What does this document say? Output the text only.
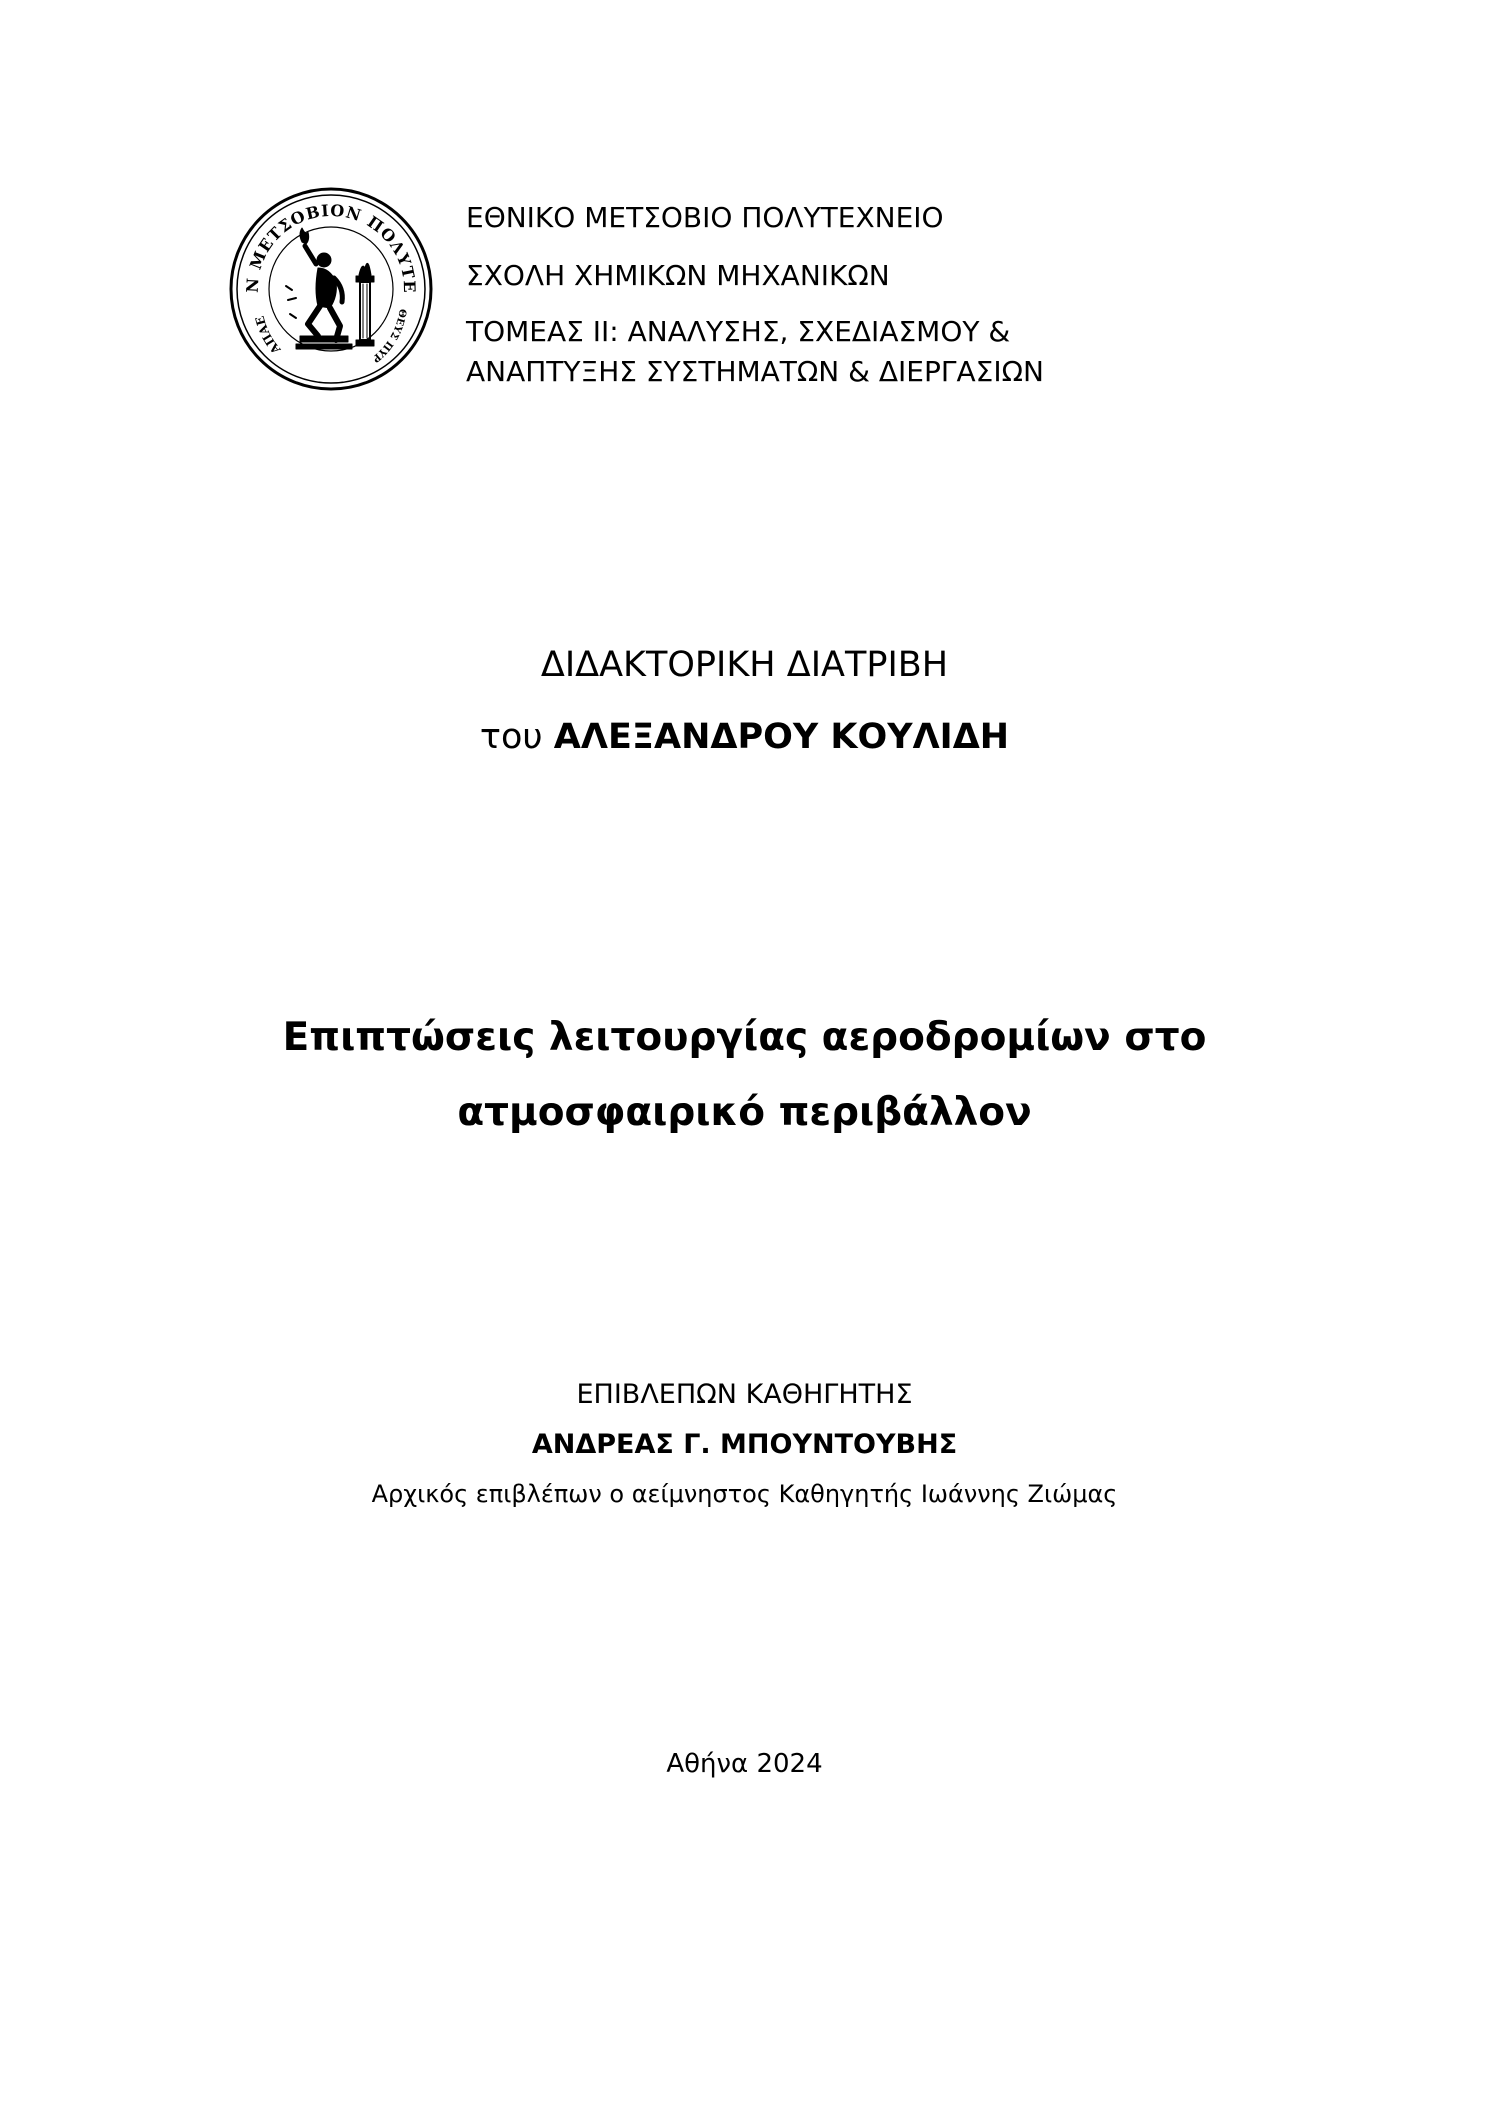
Ν ΜΕΤΣΟΒΙΟΝ ΠΟΛΥΤΕ
ΑΠΑΕ
ΘΕΥΣ ΠΥΡ

ΕΘΝΙΚΟ ΜΕΤΣΟΒΙΟ ΠΟΛΥΤΕΧΝΕΙΟ

ΣΧΟΛΗ ΧΗΜΙΚΩΝ ΜΗΧΑΝΙΚΩΝ

ΤΟΜΕΑΣ ΙΙ: ΑΝΑΛΥΣΗΣ, ΣΧΕΔΙΑΣΜΟΥ &

ΑΝΑΠΤΥΞΗΣ ΣΥΣΤΗΜΑΤΩΝ & ΔΙΕΡΓΑΣΙΩΝ

ΔΙΔΑΚΤΟΡΙΚΗ ΔΙΑΤΡΙΒΗ
του ΑΛΕΞΑΝΔΡΟΥ ΚΟΥΛΙΔΗ
Επιπτώσεις λειτουργίας αεροδρομίων στο
ατμοσφαιρικό περιβάλλον
ΕΠΙΒΛΕΠΩΝ ΚΑΘΗΓΗΤΗΣ
ΑΝΔΡΕΑΣ Γ. ΜΠΟΥΝΤΟΥΒΗΣ
Αρχικός επιβλέπων ο αείμνηστος Καθηγητής Ιωάννης Ζιώμας
Αθήνα 2024
